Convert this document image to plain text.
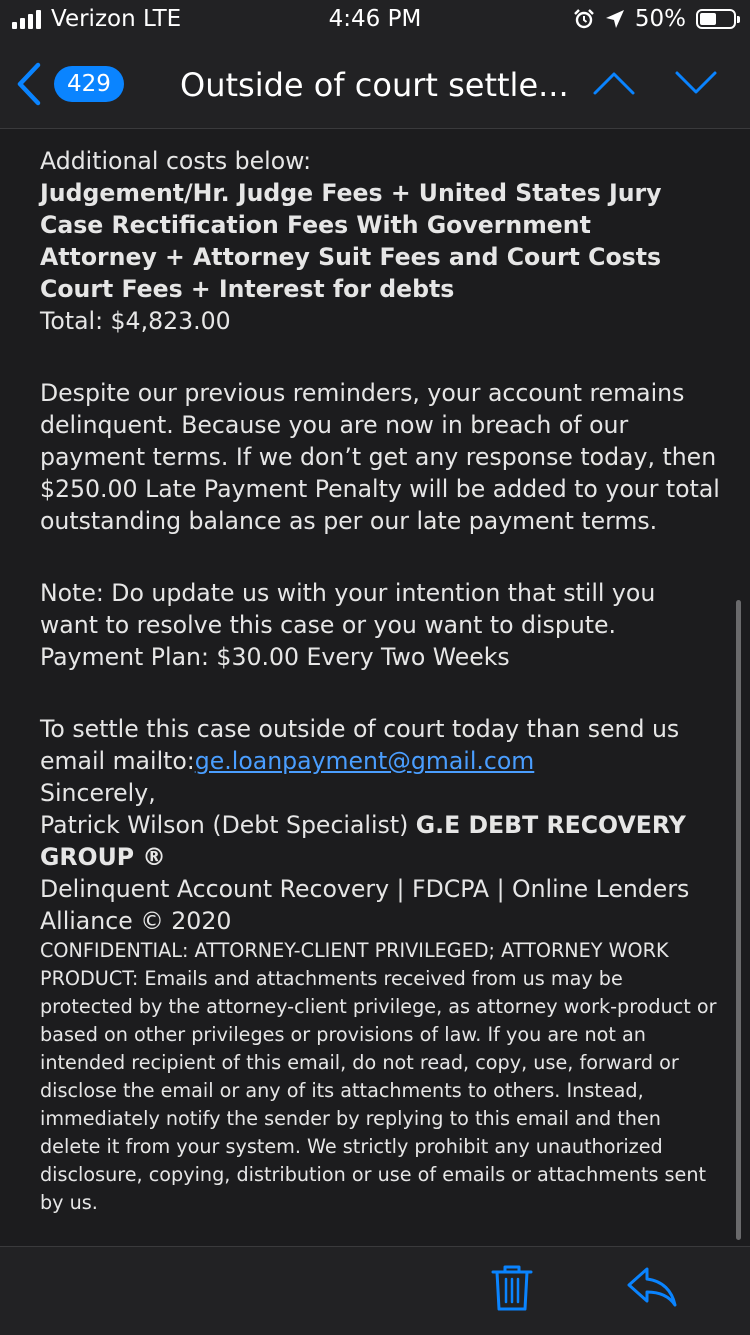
Verizon LTE	4:46 PM	50%
429	Outside of court settle...

Additional costs below:

Judgement/Hr. Judge Fees + United States Jury

Case Rectification Fees With Government

Attorney + Attorney Suit Fees and Court Costs

Court Fees + Interest for debts

Total: $4,823.00

Despite our previous reminders, your account remains delinquent. Because you are now in breach of our payment terms. If we don’t get any response today, then $250.00 Late Payment Penalty will be added to your total outstanding balance as per our late payment terms.

Note: Do update us with your intention that still you want to resolve this case or you want to dispute.

Payment Plan: $30.00 Every Two Weeks

To settle this case outside of court today than send us email mailto:ge.loanpayment@gmail.com

Sincerely,

Patrick Wilson (Debt Specialist) G.E DEBT RECOVERY GROUP ®

Delinquent Account Recovery | FDCPA | Online Lenders Alliance © 2020

CONFIDENTIAL: ATTORNEY-CLIENT PRIVILEGED; ATTORNEY WORK PRODUCT: Emails and attachments received from us may be protected by the attorney-client privilege, as attorney work-product or based on other privileges or provisions of law. If you are not an intended recipient of this email, do not read, copy, use, forward or disclose the email or any of its attachments to others. Instead, immediately notify the sender by replying to this email and then delete it from your system. We strictly prohibit any unauthorized disclosure, copying, distribution or use of emails or attachments sent by us.
